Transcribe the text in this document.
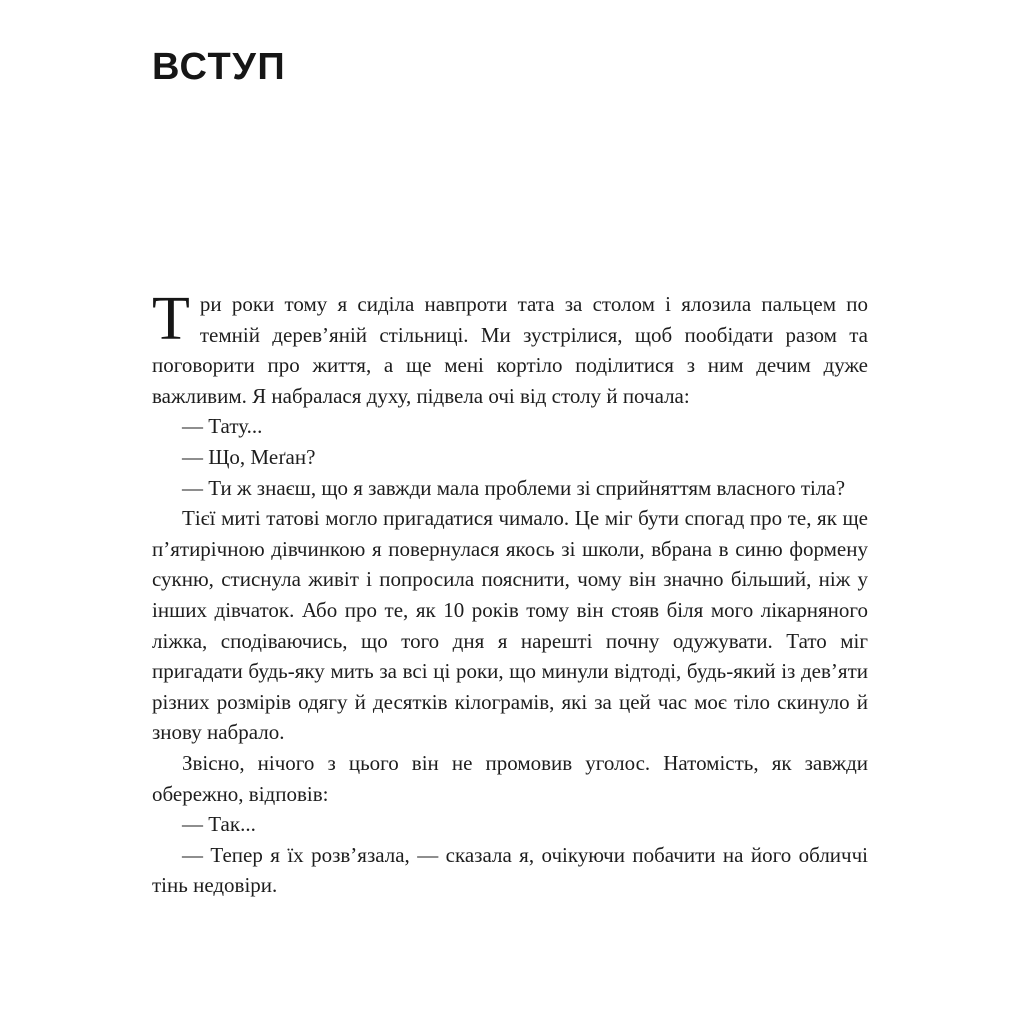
ВСТУП

Три роки тому я сиділа навпроти тата за столом і ялозила пальцем по темній дерев’яній стільниці. Ми зустрілися, щоб пообідати разом та поговорити про життя, а ще мені кортіло поділитися з ним дечим дуже важливим. Я набралася духу, підвела очі від столу й почала:

— Тату...

— Що, Меґан?

— Ти ж знаєш, що я завжди мала проблеми зі сприйняттям власного тіла?

Тієї миті татові могло пригадатися чимало. Це міг бути спогад про те, як ще п’ятирічною дівчинкою я повернулася якось зі школи, вбрана в синю формену сукню, стиснула живіт і попросила пояснити, чому він значно більший, ніж у інших дівчаток. Або про те, як 10 років тому він стояв біля мого лікарняного ліжка, сподіваючись, що того дня я нарешті почну одужувати. Тато міг пригадати будь-яку мить за всі ці роки, що минули відтоді, будь-який із дев’яти різних розмірів одягу й десятків кілограмів, які за цей час моє тіло скинуло й знову набрало.

Звісно, нічого з цього він не промовив уголос. Натомість, як завжди обережно, відповів:

— Так...

— Тепер я їх розв’язала, — сказала я, очікуючи побачити на його обличчі тінь недовіри.
